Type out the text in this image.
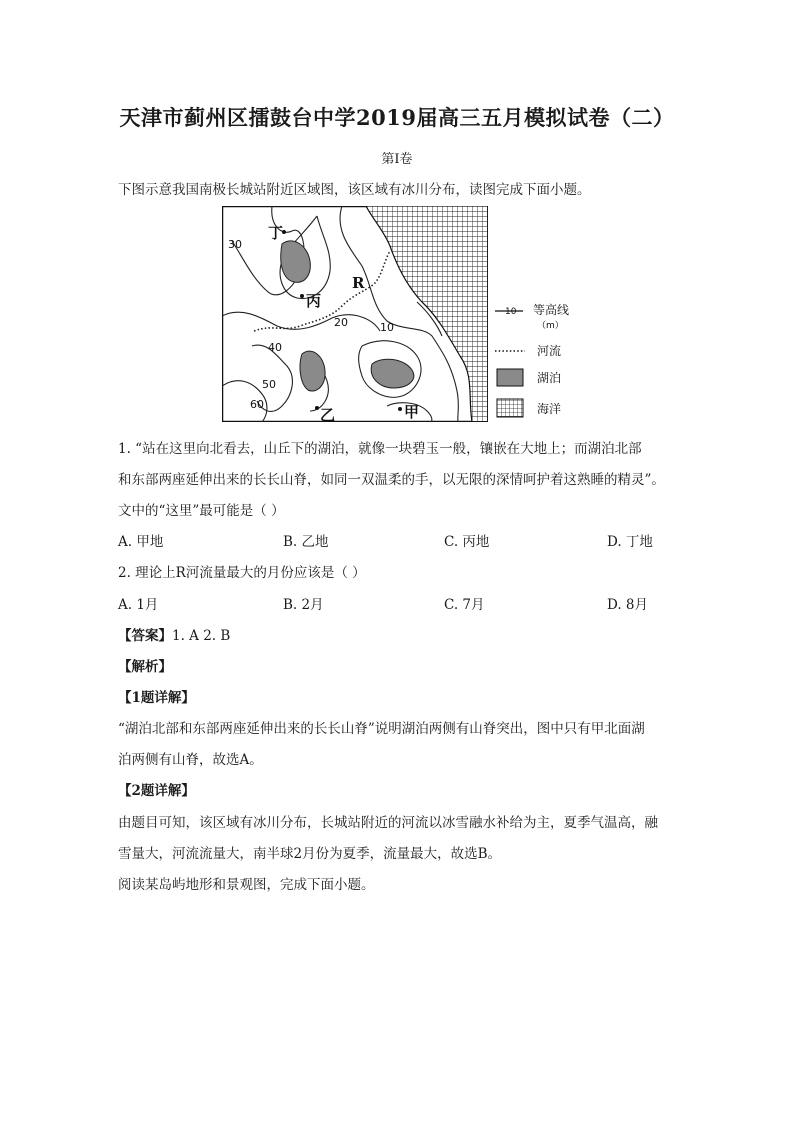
天津市蓟州区擂鼓台中学2019届高三五月模拟试卷（二）
第I卷
下图示意我国南极长城站附近区域图，该区域有冰川分布，读图完成下面小题。
30
20	10
40
50
60
丁
丙
乙	甲
R
10 等高线
（m）
河流
湖泊
海洋
1. “站在这里向北看去，山丘下的湖泊，就像一块碧玉一般，镶嵌在大地上；而湖泊北部
和东部两座延伸出来的长长山脊，如同一双温柔的手，以无限的深情呵护着这熟睡的精灵”。
文中的“这里”最可能是（ ）
A. 甲地	B. 乙地	C. 丙地	D. 丁地
2. 理论上R河流量最大的月份应该是（ ）
A. 1月	B. 2月	C. 7月	D. 8月
【答案】1. A 2. B
【解析】
【1题详解】
“湖泊北部和东部两座延伸出来的长长山脊”说明湖泊两侧有山脊突出，图中只有甲北面湖
泊两侧有山脊，故选A。
【2题详解】
由题目可知，该区域有冰川分布，长城站附近的河流以冰雪融水补给为主，夏季气温高，融
雪量大，河流流量大，南半球2月份为夏季，流量最大，故选B。
阅读某岛屿地形和景观图，完成下面小题。
